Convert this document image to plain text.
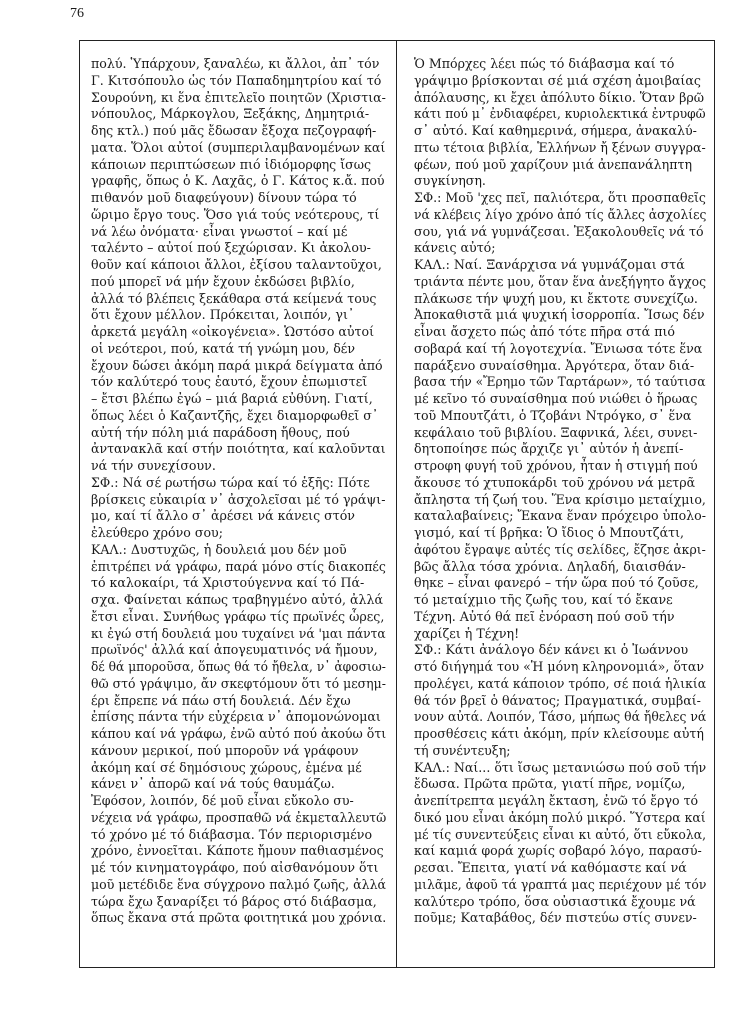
76
πολύ. Ὑπάρχουν, ξαναλέω, κι ἄλλοι, ἀπ᾽ τόν
Γ. Κιτσόπουλο ὡς τόν Παπαδημητρίου καί τό
Σουρούνη, κι ἕνα ἐπιτελεῖο ποιητῶν (Χριστια-
νόπουλος, Μάρκογλου, Ξεξάκης, Δημητριά-
δης κτλ.) πού μᾶς ἔδωσαν ἔξοχα πεζογραφή-
ματα. Ὅλοι αὐτοί (συμπεριλαμβανομένων καί
κάποιων περιπτώσεων πιό ἰδιόμορφης ἴσως
γραφῆς, ὅπως ὁ Κ. Λαχᾶς, ὁ Γ. Κάτος κ.ἄ. πού
πιθανόν μοῦ διαφεύγουν) δίνουν τώρα τό
ὥριμο ἔργο τους. Ὅσο γιά τούς νεότερους, τί
νά λέω ὀνόματα· εἶναι γνωστοί – καί μέ
ταλέντο – αὐτοί πού ξεχώρισαν. Κι ἀκολου-
θοῦν καί κάποιοι ἄλλοι, ἐξίσου ταλαντοῦχοι,
πού μπορεῖ νά μήν ἔχουν ἐκδώσει βιβλίο,
ἀλλά τό βλέπεις ξεκάθαρα στά κείμενά τους
ὅτι ἔχουν μέλλον. Πρόκειται, λοιπόν, γι᾽
ἀρκετά μεγάλη «οἰκογένεια». Ὡστόσο αὐτοί
οἱ νεότεροι, πού, κατά τή γνώμη μου, δέν
ἔχουν δώσει ἀκόμη παρά μικρά δείγματα ἀπό
τόν καλύτερό τους ἑαυτό, ἔχουν ἐπωμιστεῖ
– ἔτσι βλέπω ἐγώ – μιά βαριά εὐθύνη. Γιατί,
ὅπως λέει ὁ Καζαντζῆς, ἔχει διαμορφωθεῖ σ᾽
αὐτή τήν πόλη μιά παράδοση ἤθους, πού
ἀντανακλᾶ καί στήν ποιότητα, καί καλοῦνται
νά τήν συνεχίσουν.
ΣΦ.: Νά σέ ρωτήσω τώρα καί τό ἑξῆς: Πότε
βρίσκεις εὐκαιρία ν᾽ ἀσχολεῖσαι μέ τό γράψι-
μο, καί τί ἄλλο σ᾽ ἀρέσει νά κάνεις στόν
ἐλεύθερο χρόνο σου;
ΚΑΛ.: Δυστυχῶς, ἡ δουλειά μου δέν μοῦ
ἐπιτρέπει νά γράφω, παρά μόνο στίς διακοπές
τό καλοκαίρι, τά Χριστούγεννα καί τό Πά-
σχα. Φαίνεται κάπως τραβηγμένο αὐτό, ἀλλά
ἔτσι εἶναι. Συνήθως γράφω τίς πρωϊνές ὧρες,
κι ἐγώ στή δουλειά μου τυχαίνει νά 'μαι πάντα
πρωϊνός' ἀλλά καί ἀπογευματινός νά ἤμουν,
δέ θά μποροῦσα, ὅπως θά τό ἤθελα, ν᾽ ἀφοσιω-
θῶ στό γράψιμο, ἄν σκεφτόμουν ὅτι τό μεσημ-
έρι ἔπρεπε νά πάω στή δουλειά. Δέν ἔχω
ἐπίσης πάντα τήν εὐχέρεια ν᾽ ἀπομονώνομαι
κάπου καί νά γράφω, ἐνῶ αὐτό πού ἀκούω ὅτι
κάνουν μερικοί, πού μποροῦν νά γράφουν
ἀκόμη καί σέ δημόσιους χώρους, ἐμένα μέ
κάνει ν᾽ ἀπορῶ καί νά τούς θαυμάζω.
Ἐφόσον, λοιπόν, δέ μοῦ εἶναι εὔκολο συ-
νέχεια νά γράφω, προσπαθῶ νά ἐκμεταλλευτῶ
τό χρόνο μέ τό διάβασμα. Τόν περιορισμένο
χρόνο, ἐννοεῖται. Κάποτε ἤμουν παθιασμένος
μέ τόν κινηματογράφο, πού αἰσθανόμουν ὅτι
μοῦ μετέδιδε ἕνα σύγχρονο παλμό ζωῆς, ἀλλά
τώρα ἔχω ξαναρίξει τό βάρος στό διάβασμα,
ὅπως ἔκανα στά πρῶτα φοιτητικά μου χρόνια.
Ὁ Μπόρχες λέει πώς τό διάβασμα καί τό
γράψιμο βρίσκονται σέ μιά σχέση ἀμοιβαίας
ἀπόλαυσης, κι ἔχει ἀπόλυτο δίκιο. Ὅταν βρῶ
κάτι πού μ᾽ ἐνδιαφέρει, κυριολεκτικά ἐντρυφῶ
σ᾽ αὐτό. Καί καθημερινά, σήμερα, ἀνακαλύ-
πτω τέτοια βιβλία, Ἑλλήνων ἤ ξένων συγγρα-
φέων, πού μοῦ χαρίζουν μιά ἀνεπανάληπτη
συγκίνηση.
ΣΦ.: Μοῦ 'χες πεῖ, παλιότερα, ὅτι προσπαθεῖς
νά κλέβεις λίγο χρόνο ἀπό τίς ἄλλες ἀσχολίες
σου, γιά νά γυμνάζεσαι. Ἐξακολουθεῖς νά τό
κάνεις αὐτό;
ΚΑΛ.: Ναί. Ξανάρχισα νά γυμνάζομαι στά
τριάντα πέντε μου, ὅταν ἕνα ἀνεξήγητο ἄγχος
πλάκωσε τήν ψυχή μου, κι ἔκτοτε συνεχίζω.
Ἀποκαθιστᾶ μιά ψυχική ἰσορροπία. Ἴσως δέν
εἶναι ἄσχετο πώς ἀπό τότε πῆρα στά πιό
σοβαρά καί τή λογοτεχνία. Ἔνιωσα τότε ἕνα
παράξενο συναίσθημα. Ἀργότερα, ὅταν διά-
βασα τήν «Ἔρημο τῶν Ταρτάρων», τό ταύτισα
μέ κεῖνο τό συναίσθημα πού νιώθει ὁ ἥρωας
τοῦ Μπουτζάτι, ὁ Τζοβάνι Ντρόγκο, σ᾽ ἕνα
κεφάλαιο τοῦ βιβλίου. Ξαφνικά, λέει, συνει-
δητοποίησε πώς ἄρχιζε γι᾽ αὐτόν ἡ ἀνεπί-
στροφη φυγή τοῦ χρόνου, ἦταν ἡ στιγμή πού
ἄκουσε τό χτυποκάρδι τοῦ χρόνου νά μετρᾶ
ἄπληστα τή ζωή του. Ἕνα κρίσιμο μεταίχμιο,
καταλαβαίνεις; Ἔκανα ἕναν πρόχειρο ὑπολο-
γισμό, καί τί βρῆκα: Ὁ ἴδιος ὁ Μπουτζάτι,
ἀφότου ἔγραψε αὐτές τίς σελίδες, ἔζησε ἀκρι-
βῶς ἄλλα τόσα χρόνια. Δηλαδή, διαισθάν-
θηκε – εἶναι φανερό – τήν ὥρα πού τό ζοῦσε,
τό μεταίχμιο τῆς ζωῆς του, καί τό ἔκανε
Τέχνη. Αὐτό θά πεῖ ἐνόραση πού σοῦ τήν
χαρίζει ἡ Τέχνη!
ΣΦ.: Κάτι ἀνάλογο δέν κάνει κι ὁ Ἰωάννου
στό διήγημά του «Ἡ μόνη κληρονομιά», ὅταν
προλέγει, κατά κάποιον τρόπο, σέ ποιά ἡλικία
θά τόν βρεῖ ὁ θάνατος; Πραγματικά, συμβαί-
νουν αὐτά. Λοιπόν, Τάσο, μήπως θά ἤθελες νά
προσθέσεις κάτι ἀκόμη, πρίν κλείσουμε αὐτή
τή συνέντευξη;
ΚΑΛ.: Ναί... ὅτι ἴσως μετανιώσω πού σοῦ τήν
ἔδωσα. Πρῶτα πρῶτα, γιατί πῆρε, νομίζω,
ἀνεπίτρεπτα μεγάλη ἔκταση, ἐνῶ τό ἔργο τό
δικό μου εἶναι ἀκόμη πολύ μικρό. Ὕστερα καί
μέ τίς συνεντεύξεις εἶναι κι αὐτό, ὅτι εὔκολα,
καί καμιά φορά χωρίς σοβαρό λόγο, παρασύ-
ρεσαι. Ἔπειτα, γιατί νά καθόμαστε καί νά
μιλᾶμε, ἀφοῦ τά γραπτά μας περιέχουν μέ τόν
καλύτερο τρόπο, ὅσα οὐσιαστικά ἔχουμε νά
ποῦμε; Καταβάθος, δέν πιστεύω στίς συνεν-
